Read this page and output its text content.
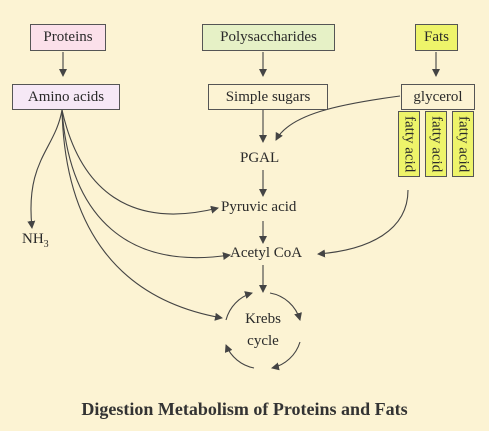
Proteins	Polysaccharides	Fats
Amino acids	Simple sugars	glycerol
fatty acid fatty acid fatty acid
PGAL
Pyruvic acid
Acetyl CoA
$NH_3$
Krebs
cycle
Digestion Metabolism of Proteins and Fats
